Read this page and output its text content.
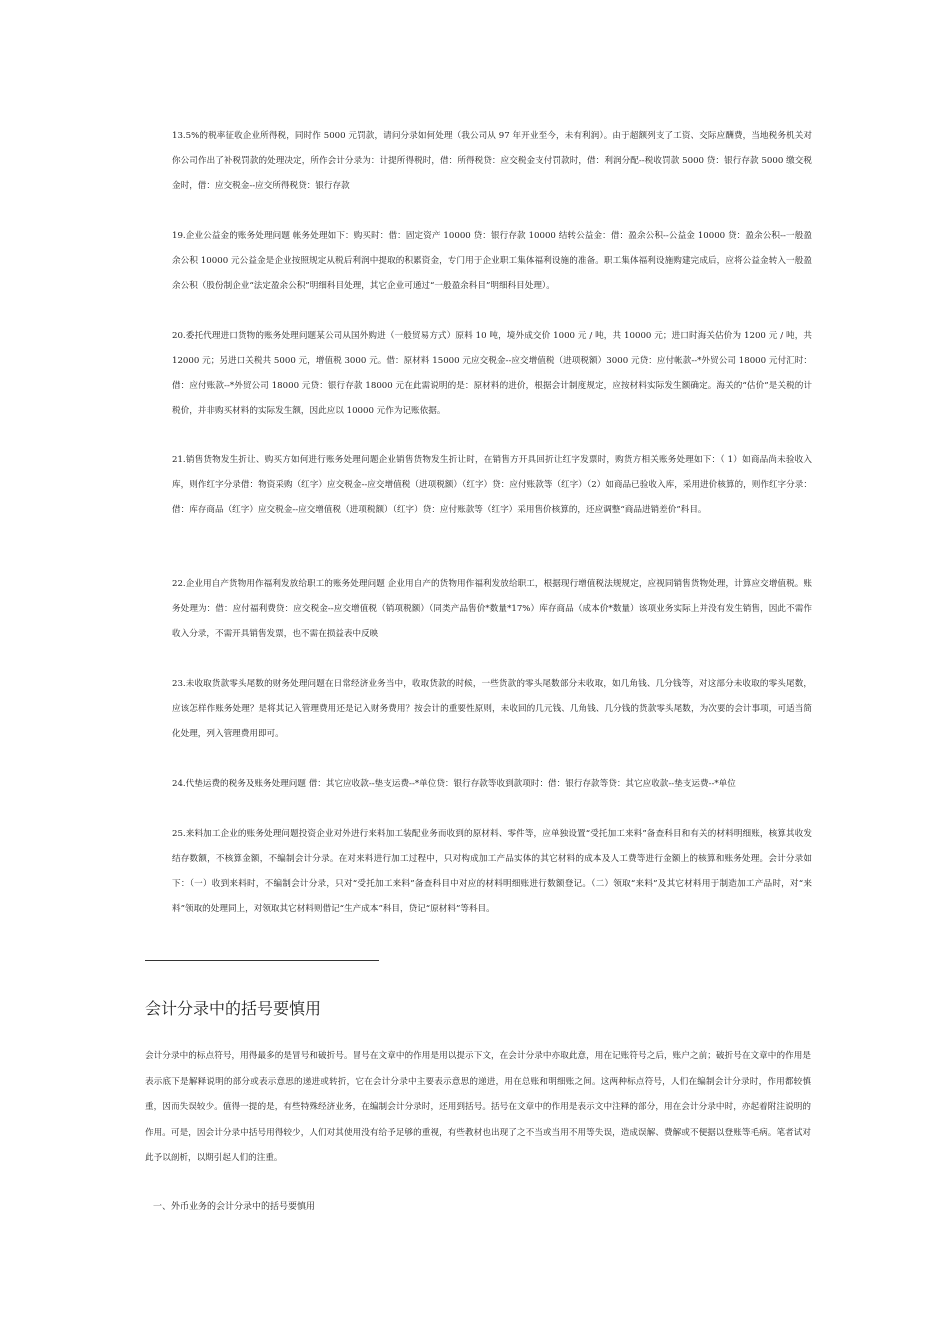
13.5%的税率征收企业所得税，同时作 5000 元罚款，请问分录如何处理（我公司从 97 年开业至今，未有利润）。由于超额列支了工资、交际应酬费，当地税务机关对你公司作出了补税罚款的处理决定，所作会计分录为：计提所得税时，借：所得税贷：应交税金支付罚款时，借：利润分配--税收罚款 5000 贷：银行存款 5000 缴交税金时，借：应交税金--应交所得税贷：银行存款

19.企业公益金的账务处理问题 帐务处理如下：购买时：借：固定资产 10000 贷：银行存款 10000 结转公益金：借：盈余公积--公益金 10000 贷：盈余公积--一般盈余公积 10000 元公益金是企业按照规定从税后利润中提取的积累资金，专门用于企业职工集体福利设施的准备。职工集体福利设施购建完成后，应将公益金转入一般盈余公积（股份制企业“法定盈余公积”明细科目处理，其它企业可通过“一般盈余科目”明细科目处理）。

20.委托代理进口货物的账务处理问题某公司从国外购进（一般贸易方式）原料 10 吨，境外成交价 1000 元 / 吨，共 10000 元；进口时海关估价为 1200 元 / 吨，共 12000 元；另进口关税共 5000 元，增值税 3000 元。借：原材料 15000 元应交税金--应交增值税（进项税额）3000 元贷：应付帐款--*外贸公司 18000 元付汇时：借：应付账款--*外贸公司 18000 元贷：银行存款 18000 元在此需说明的是：原材料的进价，根据会计制度规定，应按材料实际发生额确定。海关的“估价”是关税的计税价，并非购买材料的实际发生额，因此应以 10000 元作为记账依据。

21.销售货物发生折让、购买方如何进行账务处理问题企业销售货物发生折让时，在销售方开具回折让红字发票时，购货方相关账务处理如下：（ 1）如商品尚未验收入库，则作红字分录借：物资采购（红字）应交税金--应交增值税（进项税额）（红字）贷：应付账款等（红字）（2）如商品已验收入库，采用进价核算的，则作红字分录：借：库存商品（红字）应交税金--应交增值税（进项税额）（红字）贷：应付账款等（红字）采用售价核算的，还应调整“商品进销差价”科目。

22.企业用自产货物用作福利发放给职工的账务处理问题 企业用自产的货物用作福利发放给职工，根据现行增值税法规规定，应视同销售货物处理，计算应交增值税。账务处理为：借：应付福利费贷：应交税金--应交增值税（销项税额）（同类产品售价*数量*17%）库存商品（成本价*数量）该项业务实际上并没有发生销售，因此不需作收入分录，不需开具销售发票，也不需在损益表中反映

23.未收取货款零头尾数的财务处理问题在日常经济业务当中，收取货款的时候，一些货款的零头尾数部分未收取，如几角钱、几分钱等，对这部分未收取的零头尾数，应该怎样作账务处理？是将其记入管理费用还是记入财务费用？按会计的重要性原则，未收回的几元钱、几角钱、几分钱的货款零头尾数，为次要的会计事项，可适当简化处理，列入管理费用即可。

24.代垫运费的税务及账务处理问题 借：其它应收款--垫支运费--*单位贷：银行存款等收到款项时：借：银行存款等贷：其它应收款--垫支运费--*单位

25.来料加工企业的账务处理问题投资企业对外进行来料加工装配业务而收到的原材料、零件等，应单独设置“受托加工来料”备查科目和有关的材料明细账，核算其收发结存数额，不核算金额，不编制会计分录。在对来料进行加工过程中，只对构成加工产品实体的其它材料的成本及人工费等进行金额上的核算和账务处理。会计分录如下：（一）收到来料时，不编制会计分录，只对“受托加工来料”备查科目中对应的材料明细账进行数额登记。（二）领取“来料”及其它材料用于制造加工产品时，对“来料”领取的处理同上，对领取其它材料则借记“生产成本”科目，贷记“原材料”等科目。

会计分录中的括号要慎用

会计分录中的标点符号，用得最多的是冒号和破折号。冒号在文章中的作用是用以提示下文，在会计分录中亦取此意，用在记账符号之后，账户之前；破折号在文章中的作用是表示底下是解释说明的部分或表示意思的递进或转折，它在会计分录中主要表示意思的递进，用在总账和明细账之间。这两种标点符号，人们在编制会计分录时，作用都较慎重，因而失误较少。值得一提的是，有些特殊经济业务，在编制会计分录时，还用到括号。括号在文章中的作用是表示文中注释的部分，用在会计分录中时，亦起着附注说明的作用。可是，因会计分录中括号用得较少，人们对其使用没有给予足够的重视，有些教材也出现了之不当或当用不用等失误，造成误解、费解或不便据以登账等毛病。笔者试对此予以剖析，以期引起人们的注重。

一、外币业务的会计分录中的括号要慎用
